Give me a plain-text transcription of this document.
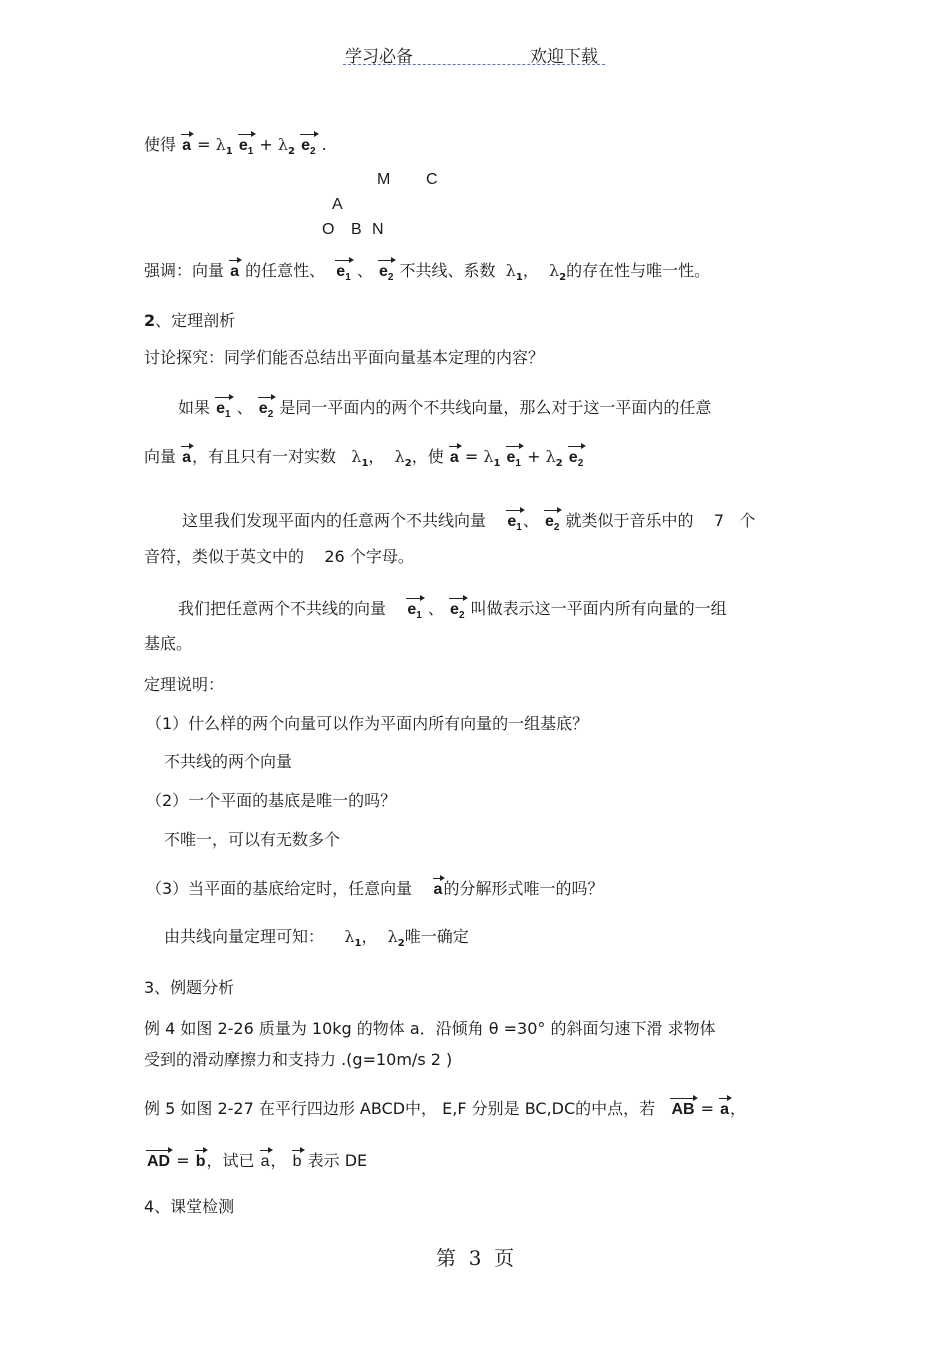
学习必备	欢迎下载
使得 $a = \lambda_1$ $e_1 + \lambda_2$ $e_2$ .
M C
A
O B N
强调：向量 a 的任意性、 $e_1$ 、 $e_2$ 不共线、系数 $\lambda_1$， $\lambda_2$的存在性与唯一性。
2、定理剖析
讨论探究：同学们能否总结出平面向量基本定理的内容？
如果 $e_1$ 、 $e_2$ 是同一平面内的两个不共线向量，那么对于这一平面内的任意
向量 a，有且只有一对实数 $\lambda_1$， $\lambda_2$，使 $a = \lambda_1$ $e_1 + \lambda_2$ $e_2$
这里我们发现平面内的任意两个不共线向量 $e_1$、 $e_2$ 就类似于音乐中的 7 个
音符，类似于英文中的 26 个字母。
我们把任意两个不共线的向量 $e_1$ 、 $e_2$ 叫做表示这一平面内所有向量的一组
基底。
定理说明：
（1）什么样的两个向量可以作为平面内所有向量的一组基底？
不共线的两个向量
（2）一个平面的基底是唯一的吗？
不唯一，可以有无数多个
（3）当平面的基底给定时，任意向量 a的分解形式唯一的吗？
由共线向量定理可知： $\lambda_1$， $\lambda_2$唯一确定
3、例题分析
例 4 如图 2-26 质量为 10kg 的物体 a．沿倾角 θ =30° 的斜面匀速下滑 求物体
受到的滑动摩擦力和支持力 .(g=10m/s 2 )
例 5 如图 2-27 在平行四边形 ABCD中， E,F 分别是 BC,DC的中点，若 AB = a，
AD = b，试已 a， b 表示 DE
4、课堂检测
第 3 页
